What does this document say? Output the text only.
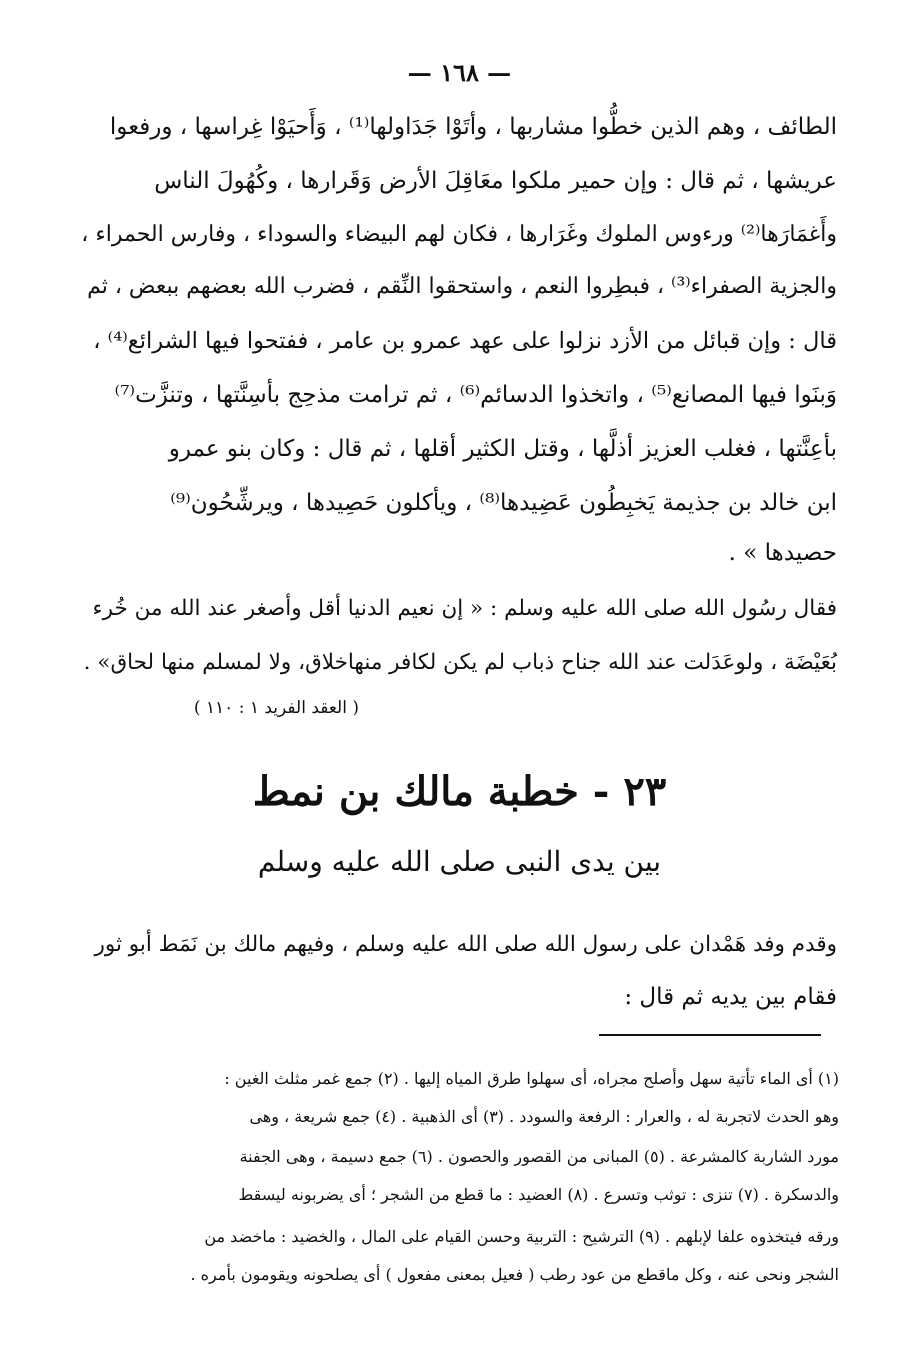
— ١٦٨ —
الطائف ، وهم الذين خطُّوا مشاربها ، وأتَوْا جَدَاولها⁽¹⁾ ، وَأَحيَوْا غِراسها ، ورفعوا
عريشها ، ثم قال : وإن حمير ملكوا معَاقِلَ الأرض وَقَرارها ، وكُهُولَ الناس
وأَغمَارَها⁽²⁾ ورءوس الملوك وغَرَارها ، فكان لهم البيضاء والسوداء ، وفارس الحمراء ،
والجزية الصفراء⁽³⁾ ، فبطِروا النعم ، واستحقوا النِّقم ، فضرب الله بعضهم ببعض ، ثم
قال : وإن قبائل من الأزد نزلوا على عهد عمرو بن عامر ، ففتحوا فيها الشرائع⁽⁴⁾ ،
وَبنَوا فيها المصانع⁽⁵⁾ ، واتخذوا الدسائم⁽⁶⁾ ، ثم ترامت مذحِج بأسِنَّتها ، وتنزَّت⁽⁷⁾
بأعِنَّتها ، فغلب العزيز أذلَّها ، وقتل الكثير أقلها ، ثم قال : وكان بنو عمرو
ابن خالد بن جذيمة يَخبِطُون عَضِيدها⁽⁸⁾ ، ويأكلون حَصِيدها ، ويرشِّحُون⁽⁹⁾
حصيدها » .
فقال رسُول الله صلى الله عليه وسلم : « إن نعيم الدنيا أقل وأصغر عند الله من خُرء
بُعَيْضَة ، ولوعَدَلت عند الله جناح ذباب لم يكن لكافر منهاخلاق، ولا لمسلم منها لحاق» .
( العقد الفريد ١ : ١١٠ )
٢٣ - خطبة مالك بن نمط
بين يدى النبى صلى الله عليه وسلم
وقدم وفد هَمْدان على رسول الله صلى الله عليه وسلم ، وفيهم مالك بن نَمَط أبو ثور
فقام بين يديه ثم قال :
(١) أى الماء تأتية سهل وأصلح مجراه، أى سهلوا طرق المياه إليها . (٢) جمع غمر مثلث الغين :
وهو الحدث لاتجربة له ، والعرار : الرفعة والسودد . (٣) أى الذهبية . (٤) جمع شريعة ، وهى
مورد الشاربة كالمشرعة . (٥) المبانى من القصور والحصون . (٦) جمع دسيمة ، وهى الجفنة
والدسكرة . (٧) تنزى : توثب وتسرع . (٨) العضيد : ما قطع من الشجر ؛ أى يضربونه ليسقط
ورقه فيتخذوه علفا لإبلهم . (٩) الترشيح : التربية وحسن القيام على المال ، والخضيد : ماخضد من
الشجر ونحى عنه ، وكل ماقطع من عود رطب ( فعيل بمعنى مفعول ) أى يصلحونه ويقومون بأمره .
